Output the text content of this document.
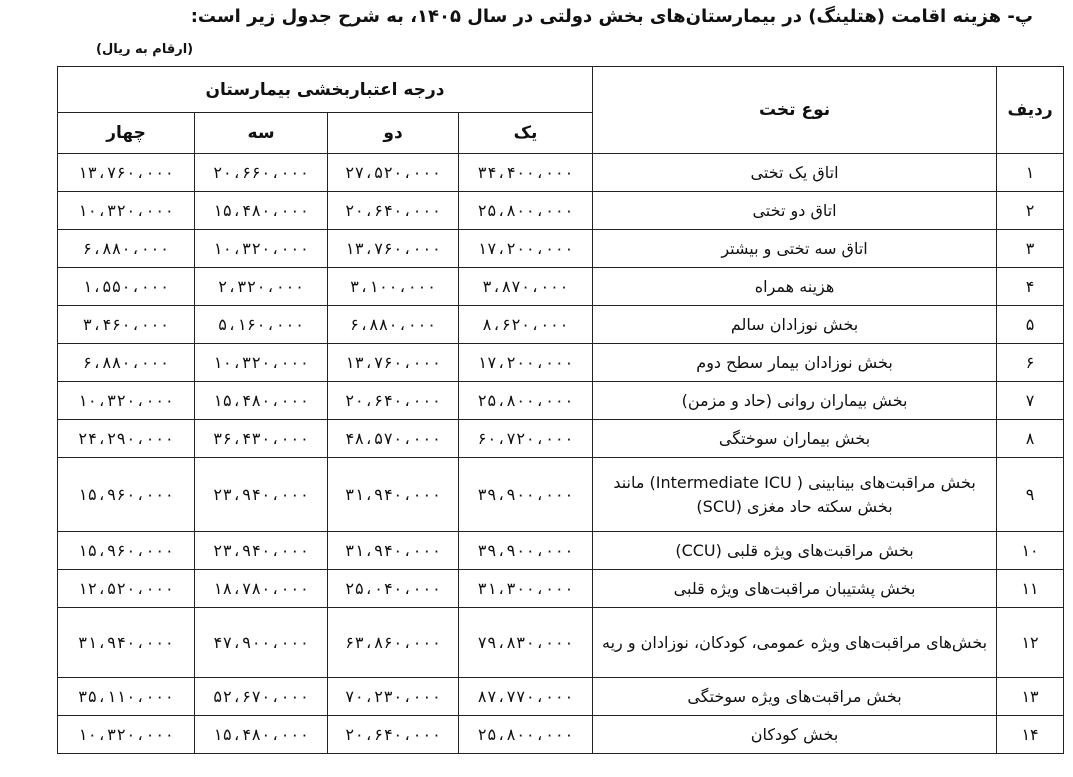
پ- هزینه اقامت (هتلینگ) در بیمارستان‌های بخش دولتی در سال ۱۴۰۵، به شرح جدول زیر است:
(ارقام به ریال)
ردیف	نوع تخت	درجه اعتباربخشی بیمارستان			
		یک	دو	سه	چهار
۱	اتاق یک تختی	۳۴،۴۰۰،۰۰۰	۲۷،۵۲۰،۰۰۰	۲۰،۶۶۰،۰۰۰	۱۳،۷۶۰،۰۰۰
۲	اتاق دو تختی	۲۵،۸۰۰،۰۰۰	۲۰،۶۴۰،۰۰۰	۱۵،۴۸۰،۰۰۰	۱۰،۳۲۰،۰۰۰
۳	اتاق سه تختی و بیشتر	۱۷،۲۰۰،۰۰۰	۱۳،۷۶۰،۰۰۰	۱۰،۳۲۰،۰۰۰	۶،۸۸۰،۰۰۰
۴	هزینه همراه	۳،۸۷۰،۰۰۰	۳،۱۰۰،۰۰۰	۲،۳۲۰،۰۰۰	۱،۵۵۰،۰۰۰
۵	بخش نوزادان سالم	۸،۶۲۰،۰۰۰	۶،۸۸۰،۰۰۰	۵،۱۶۰،۰۰۰	۳،۴۶۰،۰۰۰
۶	بخش نوزادان بیمار سطح دوم	۱۷،۲۰۰،۰۰۰	۱۳،۷۶۰،۰۰۰	۱۰،۳۲۰،۰۰۰	۶،۸۸۰،۰۰۰
۷	بخش بیماران روانی (حاد و مزمن)	۲۵،۸۰۰،۰۰۰	۲۰،۶۴۰،۰۰۰	۱۵،۴۸۰،۰۰۰	۱۰،۳۲۰،۰۰۰
۸	بخش بیماران سوختگی	۶۰،۷۲۰،۰۰۰	۴۸،۵۷۰،۰۰۰	۳۶،۴۳۰،۰۰۰	۲۴،۲۹۰،۰۰۰
۹	بخش مراقبت‌های بینابینی ( Intermediate ICU) مانند بخش سکته حاد مغزی (SCU)	۳۹،۹۰۰،۰۰۰	۳۱،۹۴۰،۰۰۰	۲۳،۹۴۰،۰۰۰	۱۵،۹۶۰،۰۰۰
۱۰	بخش مراقبت‌های ویژه قلبی (CCU)	۳۹،۹۰۰،۰۰۰	۳۱،۹۴۰،۰۰۰	۲۳،۹۴۰،۰۰۰	۱۵،۹۶۰،۰۰۰
۱۱	بخش پشتیبان مراقبت‌های ویژه قلبی	۳۱،۳۰۰،۰۰۰	۲۵،۰۴۰،۰۰۰	۱۸،۷۸۰،۰۰۰	۱۲،۵۲۰،۰۰۰
۱۲	بخش‌های مراقبت‌های ویژه عمومی، کودکان، نوزادان و ریه	۷۹،۸۳۰،۰۰۰	۶۳،۸۶۰،۰۰۰	۴۷،۹۰۰،۰۰۰	۳۱،۹۴۰،۰۰۰
۱۳	بخش مراقبت‌های ویژه سوختگی	۸۷،۷۷۰،۰۰۰	۷۰،۲۳۰،۰۰۰	۵۲،۶۷۰،۰۰۰	۳۵،۱۱۰،۰۰۰
۱۴	بخش کودکان	۲۵،۸۰۰،۰۰۰	۲۰،۶۴۰،۰۰۰	۱۵،۴۸۰،۰۰۰	۱۰،۳۲۰،۰۰۰
